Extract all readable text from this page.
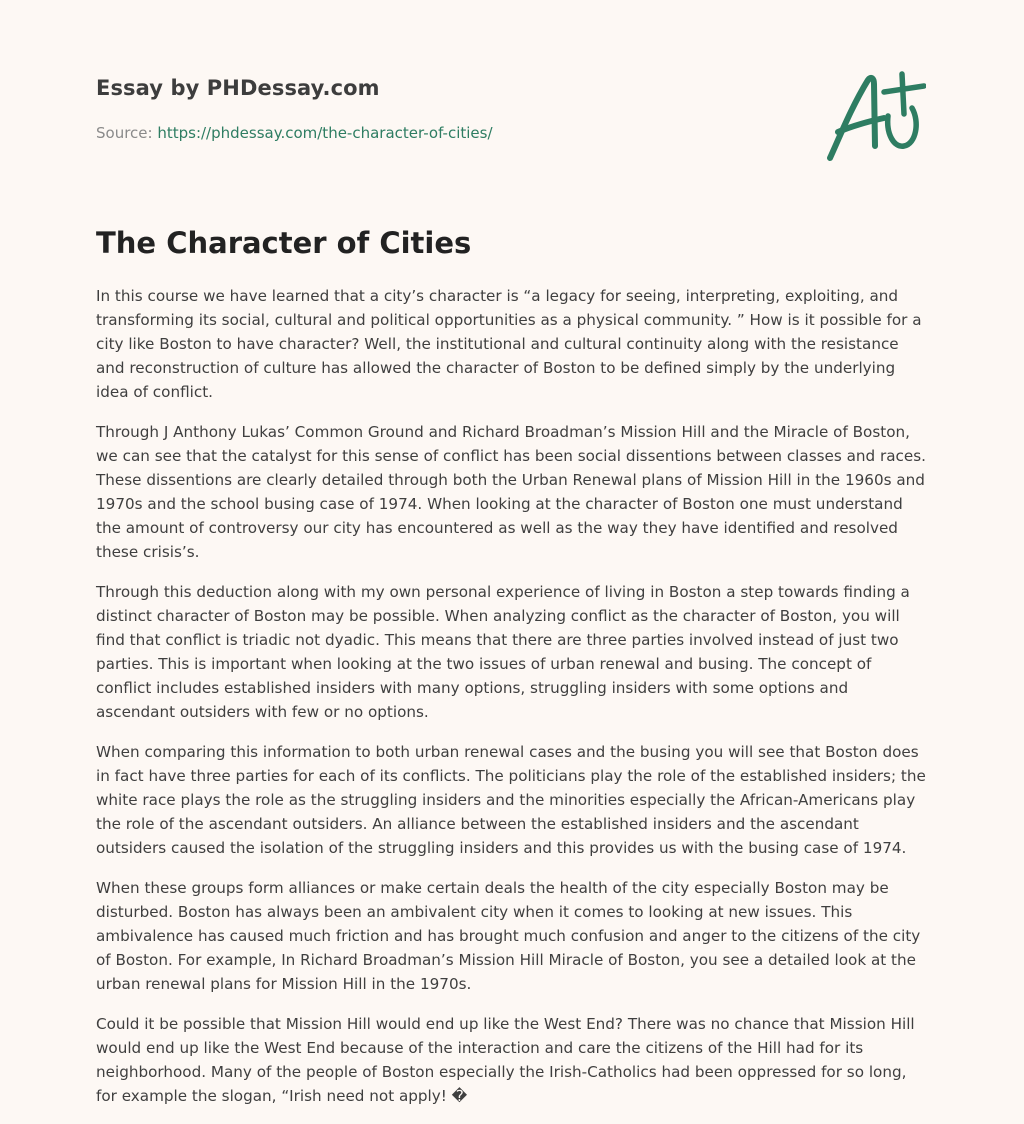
Essay by PHDessay.com
Source: https://phdessay.com/the-character-of-cities/
The Character of Cities

In this course we have learned that a city’s character is “a legacy for seeing, interpreting, exploiting, and transforming its social, cultural and political opportunities as a physical community. ” How is it possible for a city like Boston to have character? Well, the institutional and cultural continuity along with the resistance and reconstruction of culture has allowed the character of Boston to be defined simply by the underlying idea of conflict.

Through J Anthony Lukas’ Common Ground and Richard Broadman’s Mission Hill and the Miracle of Boston, we can see that the catalyst for this sense of conflict has been social dissentions between classes and races. These dissentions are clearly detailed through both the Urban Renewal plans of Mission Hill in the 1960s and 1970s and the school busing case of 1974. When looking at the character of Boston one must understand the amount of controversy our city has encountered as well as the way they have identified and resolved these crisis’s.

Through this deduction along with my own personal experience of living in Boston a step towards finding a distinct character of Boston may be possible. When analyzing conflict as the character of Boston, you will find that conflict is triadic not dyadic. This means that there are three parties involved instead of just two parties. This is important when looking at the two issues of urban renewal and busing. The concept of conflict includes established insiders with many options, struggling insiders with some options and ascendant outsiders with few or no options.

When comparing this information to both urban renewal cases and the busing you will see that Boston does in fact have three parties for each of its conflicts. The politicians play the role of the established insiders; the white race plays the role as the struggling insiders and the minorities especially the African-Americans play the role of the ascendant outsiders. An alliance between the established insiders and the ascendant outsiders caused the isolation of the struggling insiders and this provides us with the busing case of 1974.

When these groups form alliances or make certain deals the health of the city especially Boston may be disturbed. Boston has always been an ambivalent city when it comes to looking at new issues. This ambivalence has caused much friction and has brought much confusion and anger to the citizens of the city of Boston. For example, In Richard Broadman’s Mission Hill Miracle of Boston, you see a detailed look at the urban renewal plans for Mission Hill in the 1970s.

Could it be possible that Mission Hill would end up like the West End? There was no chance that Mission Hill would end up like the West End because of the interaction and care the citizens of the Hill had for its neighborhood. Many of the people of Boston especially the Irish-Catholics had been oppressed for so long, for example the slogan, “Irish need not apply! �
